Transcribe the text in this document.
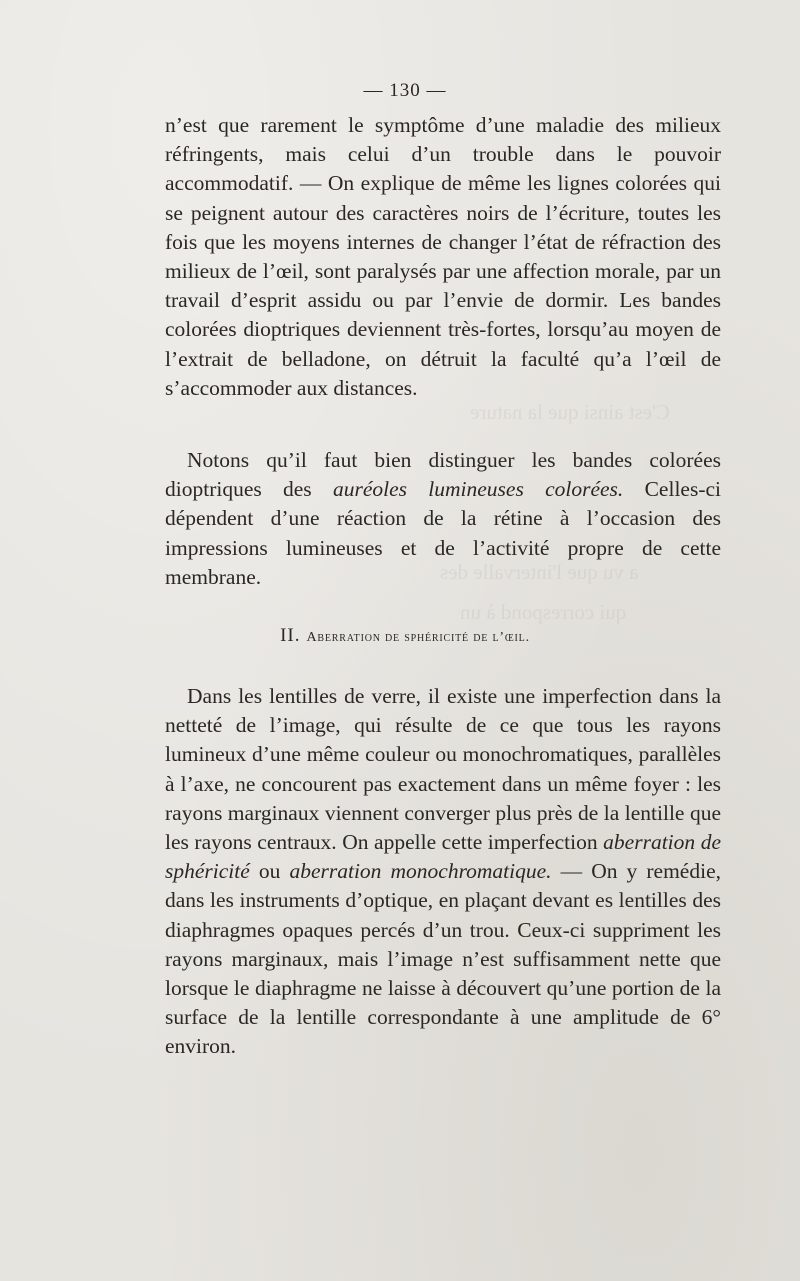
C'est ainsi que la nature
a vu que l'intervalle des
qui correspond à un
— 130 —

n’est que rarement le symptôme d’une maladie des milieux réfringents, mais celui d’un trouble dans le pouvoir accommodatif. — On explique de même les lignes colorées qui se peignent autour des caractères noirs de l’écriture, toutes les fois que les moyens internes de changer l’état de réfraction des milieux de l’œil, sont paralysés par une affection morale, par un travail d’esprit assidu ou par l’envie de dormir. Les bandes colorées dioptriques deviennent très-fortes, lorsqu’au moyen de l’extrait de belladone, on détruit la faculté qu’a l’œil de s’accommoder aux distances.

Notons qu’il faut bien distinguer les bandes colorées dioptriques des auréoles lumineuses colorées. Celles-ci dépendent d’une réaction de la rétine à l’occasion des impressions lumineuses et de l’activité propre de cette membrane.

II. Aberration de sphéricité de l’œil.

Dans les lentilles de verre, il existe une imperfection dans la netteté de l’image, qui résulte de ce que tous les rayons lumineux d’une même couleur ou monochromatiques, parallèles à l’axe, ne concourent pas exactement dans un même foyer : les rayons marginaux viennent converger plus près de la lentille que les rayons centraux. On appelle cette imperfection aberration de sphéricité ou aberration monochromatique. — On y remédie, dans les instruments d’optique, en plaçant devant es lentilles des diaphragmes opaques percés d’un trou. Ceux-ci suppriment les rayons marginaux, mais l’image n’est suffisamment nette que lorsque le diaphragme ne laisse à découvert qu’une portion de la surface de la lentille correspondante à une amplitude de 6° environ.
